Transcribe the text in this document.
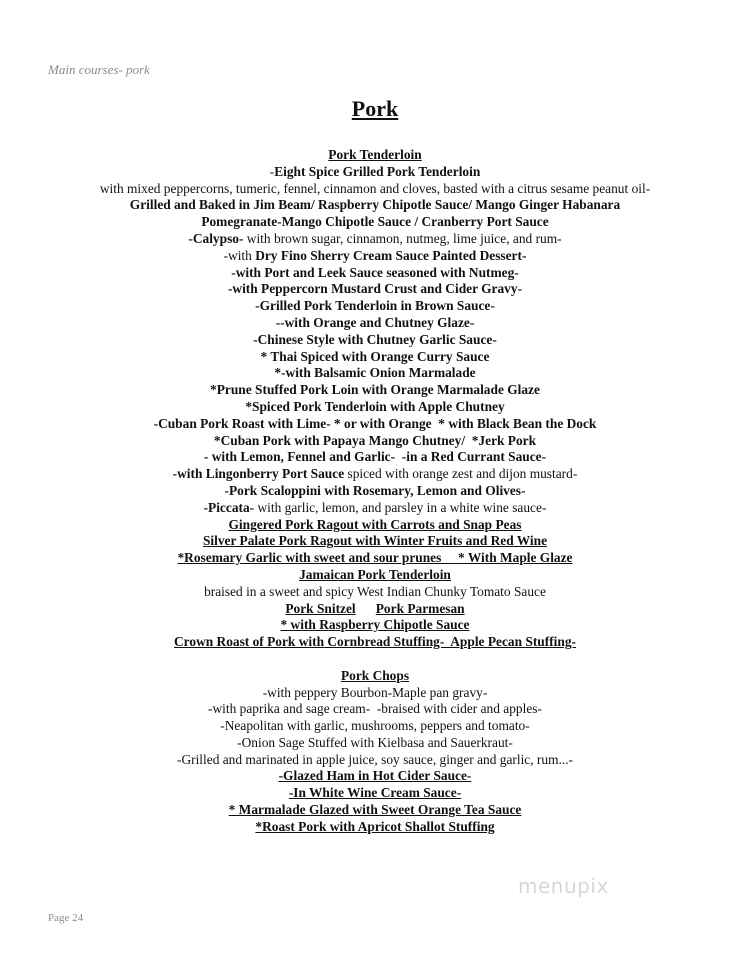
Main courses- pork
Pork
Pork Tenderloin
-Eight Spice Grilled Pork Tenderloin
with mixed peppercorns, tumeric, fennel, cinnamon and cloves, basted with a citrus sesame peanut oil-
Grilled and Baked in Jim Beam/ Raspberry Chipotle Sauce/ Mango Ginger Habanara
Pomegranate-Mango Chipotle Sauce / Cranberry Port Sauce
-Calypso- with brown sugar, cinnamon, nutmeg, lime juice, and rum-
-with Dry Fino Sherry Cream Sauce Painted Dessert-
-with Port and Leek Sauce seasoned with Nutmeg-
-with Peppercorn Mustard Crust and Cider Gravy-
-Grilled Pork Tenderloin in Brown Sauce-
--with Orange and Chutney Glaze-
-Chinese Style with Chutney Garlic Sauce-
* Thai Spiced with Orange Curry Sauce
*-with Balsamic Onion Marmalade
*Prune Stuffed Pork Loin with Orange Marmalade Glaze
*Spiced Pork Tenderloin with Apple Chutney
-Cuban Pork Roast with Lime- * or with Orange  * with Black Bean the Dock
*Cuban Pork with Papaya Mango Chutney/  *Jerk Pork
- with Lemon, Fennel and Garlic-  -in a Red Currant Sauce-
-with Lingonberry Port Sauce spiced with orange zest and dijon mustard-
-Pork Scaloppini with Rosemary, Lemon and Olives-
-Piccata- with garlic, lemon, and parsley in a white wine sauce-
Gingered Pork Ragout with Carrots and Snap Peas
Silver Palate Pork Ragout with Winter Fruits and Red Wine
*Rosemary Garlic with sweet and sour prunes     * With Maple Glaze
Jamaican Pork Tenderloin
braised in a sweet and spicy West Indian Chunky Tomato Sauce
Pork Snitzel Pork Parmesan
* with Raspberry Chipotle Sauce
Crown Roast of Pork with Cornbread Stuffing-  Apple Pecan Stuffing-
Pork Chops
-with peppery Bourbon-Maple pan gravy-
-with paprika and sage cream-  -braised with cider and apples-
-Neapolitan with garlic, mushrooms, peppers and tomato-
-Onion Sage Stuffed with Kielbasa and Sauerkraut-
-Grilled and marinated in apple juice, soy sauce, ginger and garlic, rum...-
-Glazed Ham in Hot Cider Sauce-
-In White Wine Cream Sauce-
* Marmalade Glazed with Sweet Orange Tea Sauce
*Roast Pork with Apricot Shallot Stuffing
menupix
Page 24
